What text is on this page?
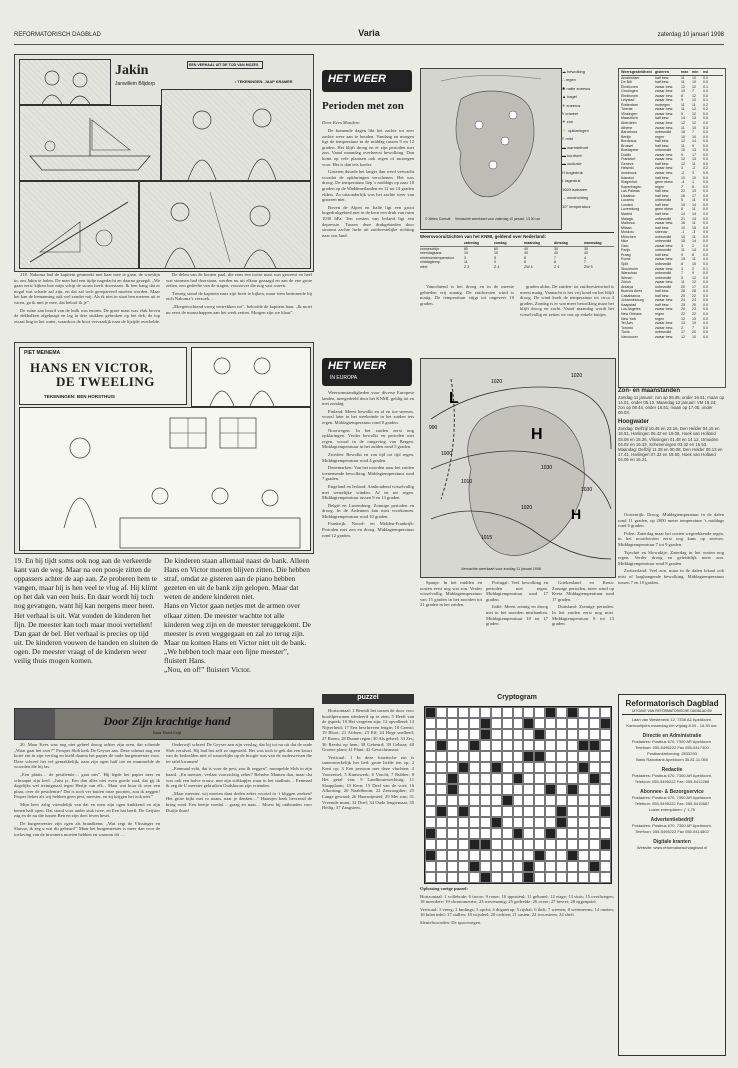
REFORMATORISCH DAGBLAD	Varia	zaterdag 10 januari 1998
Jakin	EEN VERHAAL UIT DE TIJD VAN MOZES
Janwillem Blijdorp	• TEKENINGEN: JAAP KRAMER

218. Nakoma had de kapitein gesmeekt met haar mee te gaan, de woestijn in, om Jakin te halen. De man had een tijdje nagedacht en daarna gezegd: „We gaan eerst kijken hoe mijn schip de storm heeft doorstaan. Ik ben bang dat er nogal wat schade zal zijn, en dat zal toch gerepareerd moeten worden. Maar het kan de bemanning ook wel zonder mij. Als ik niet in staat ben meteen uit te varen, ga ik met je mee, dat beloof ik je”.

De ruïne aan boord van de hulk was enorm. De grote mast was vlak boven de dekbalken afgeknapt en lag in drie stukken gebroken op het dek, de top zwaai ling in het water, waardoor de boot vervaarlijk naar de lijzijde overhelde.

De delen van de houten paal, die eens een trotse mast was geweest en heel wat stormen had doorstaan, werden nu uit elkaar gezaagd en aan de ene grote zeilen, een gedeelte van de stagen, voorzover die nog vast waren.

Treurig stond de kapitein naar zijn breit te kijken, maar toen herinnerde hij zich Nakoma’s verzoek. ..

„Morgenochtend vroeg vertrekken we”, beloofde de kapitein haar. „Ik moet nu eerst de manschappen aan het werk zetten. Morgen zijn we klaar”.

PIET MEINEMA
HANS EN VICTOR,
DE TWEELING
TEKENINGEN: BEN HORSTHUIS

19. En hij tijdt soms ook nog aan de verkeerde kant van de weg. Maar na een poosje zitten de oppassers achter de aap aan. Ze proberen hem te vangen, maar hij is hen veel te vlug af. Hij klimt op het dak van een huis. En daar wordt hij toch nog gevangen, want hij kan nergens meer heen.

Het verhaal is uit. Wat vonden de kinderen het fijn. De meester kan toch maar mooi vertellen!

Dan gaat de bel. Het verhaal is precies op tijd uit. De kinderen vouwen de handen en sluiten de ogen. De meester vraagt of de kinderen weer veilig thuis mogen komen.

De kinderen staan allemaal naast de bank. Alleen Hans en Victor moeten blijven zitten. Die hebben straf, omdat ze gisteren aan de piano hebben gezeten en uit de bank zijn gelopen. Maar dat weten de andere kinderen niet.

Hans en Victor gaan netjes met de armen over elkaar zitten. De meester wachtte tot alle kinderen weg zijn en de meester teruggekomt. De meester is even weggegaan en zal zo terug zijn. Maar nu komen Hans en Victor niet uit de bank. „We hebben toch maar een fijne meester”, fluistert Hans.

„Nou, en of!” fluistert Victor.

Door Zijn krachtige hand
Door Evert Kuijt

20. Maar Kees was nog niet geheel droog achter zijn oren, dat schreide „Waar gaat het over?” Prosper Slob kerk De Geyser aan. Deze scheurt nog een korte zin in zijn verslag en hield daarna het papier de oude burgemeester voor. Deze schreef het vel gemakkelijk, nam zijn ogen half toe en mummelde de woorden die hij las.

„Een plaats… de pestilentie… gaat mis”. Hij legde het papier neer en schraapte zijn keel. „Juist je, Een dan alles niet even goede stad, dat gij ik dagelijks wel treinigmaal tegen Hertje van elk... Maar wat hoor ik over een plaat, over de pestilentie? Dat is toch ver buiten onze poorten, zou ik zeggen! Proper liekes als wij hebben geen pest, meester, en zij krijgen het ook niet.”

Mijn heer zalig vriendelijk van dat en men zijn ogen knikkend en zijn benen half open. Dat stond voor ander stuk twee, en Een hat heeft. De Geijster zag en de nu die tussen Ben en zijn doet leven beset.

De burgemeester zijn ogen als brandkenn. „Wat zegt de Vlissinger en Sluisse, ik zeg u wat dit gebeurt!” Maar het burgemeester is meer dan voor de toeloving van de inwoners moeten hebben en waarom dit …

Onderwijl schreef De Geyser aan zijn verslag, dat hij tot nu uit dat de oude Sloh verafval. Hij had het zelf zo ingesteld. Het was toch te gek dat een kwart van de bedoelden niet of nauwelijks op de hoogte was van de ouderwetsen die ter tafel kwamen!

„Eenmaal echt, dat is voor de pest, zou ik zeggen”, mompelde Sloh in zijn baard. „En meester, verlaat voorzichtig zeker? Behalve Manten dan, maar dat was ook een halve vrouw, met zijn stiftkapjes waar in het stadhuis… Eenmaal ik zeg de U meester gebruiken Oudshoorn zijn vrienden.

„Maar meester, wij moeten dant doden zeker voortal in ‘t kliggen zoeken? Het grote kijkt met ro naam, naar je denken…” Haantjes keek bevreesd de kring rond. Een beetje voedal… graag en naas… Moest hij onthouden voor Duifje thuis!

HET WEER
Perioden met zon
Door Kees Mondero

De komende dagen likt het zachte tot zeer zachte weer aan te houden. Vandaag en morgen ligt de temperatuur in de middag tussen 9 en 12 graden. Het blijft droog en er zijn perioden met zon. Vanaf maandag overheerst bewolking. Dan komt op vele plaatsen ook regen of motregen voor. Het is dan iets koeler.

Gisteren duurde het langer dan werd verwacht voordat de opklaringen verschenen. Het was droog. De temperatuur liep 's middags op naar 10 graden op de Waddeneilanden en 12 tot 14 graden elders. Zo uitzonderlijk was het zachte weer van gisteren niet.

Boven de Alpen en Italië ligt een groot hogedrukgebied met in de kern een druk van ruim 1030 hPa. Ten westen van Ierland ligt een depressie. Tussen deze drukgebieden door stroomt zachte lucht uit zuidwestelijke richting naar ons land.

© Meteo Consult Verwachte weerkaart voor zaterdag 10 januari, 13.00 uur
☁ bewolking
∴ regen
✱ natte sneeuw
▲ hagel
✳ sneeuw
ϟ onweer
☀ zon
⛅ opklaringen
≡ mist
▬ warmtefront
▬ koufront
▬ occlusie
H hogedruk
L lagedruk
1020 isobaren
→ windrichting
10° temperatuur
Weersvooruitzichten van het KNMI, geldend over Nederland:
zaterdag	zondag	maandag	dinsdag	woensdag
zonneschijn	80	60	40	30	30
neerslagkans	10	10	40	40	40
minimumtemperatuur	3	5	6	7	4
middagtemp.	11	9	8	8	7
wind	Z 3	Z 4	ZW 4	Z 4	ZW 5

Vanochtend is het droog en in de meeste gebieden vrij zonnig. De zuidwesten wind is matig. De temperatuur stijgt tot ongeveer 10 graden.

gruden aldus. De zuiden- tot zuidwestenwind is meest matig. Vannacht is het vrij koud en het blijft droog. De wind koelt de temperatuur tot circa 4 graden. Zondag is er wat meer bewolking maar het blijft droog en zacht. Vanaf maandag wordt het wisselvallig en zetten we ons op enkele buitjes.

Weersgesteldheid gisteren	max	min	nsl
Amsterdam	half bew.	11	10	0.0
De Bilt	half bew.	11	10	0.0
Eindhoven	zwaar bew.	12	12	0.1
Groningen	zwaar bew.	10	7	0.0
Eindhoven	zwaar bew.	8	12	0.0
Lelystad	zwaar bew.	9	10	0.1
Rotterdam	motregen	11	11	0.2
Twente	zwaar bew.	11	12	0.2
Vlissingen	zwaar bew.	9	12	0.0
Maastricht	half bew.	14	13	0.0
Aberdeen	zwaar bew.	12	12	0.0
Athene	zwaar bew.	11	10	0.3
Barcelona	onbewolkt	16	7	0.0
Berlijn	regen	10	10	0.0
Bordeaux	half bew.	12	14	0.0
Brussel	half bew.	11	9	0.0
Boedapest	onbewolkt	10	13	0.0
Dublin	zwaar bew.	9	17	0.0
Frankfurt	zwaar bew.	12	13	0.0
Genève	half bew.	12	11	0.0
Helsinki	zwaar bew.	3	-2	0.2
Innsbruck	zwaar bew.	-2	3	0.0
Istanbul	half bew.	10	10	0.0
Klagenfurt	geen nbew.	-4	1	0.0
Kopenhagen	regen	7	6	0.0
Las Palmas	half bew.	22	13	0.0
Lissabon	half bew.	16	17	0.0
Locarno	onbewolkt	5	11	0.0
Londen	half bew.	10	14	0.0
Luxemburg	geen nbew.	8	11	0.0
Madrid	half bew.	14	14	0.0
Malaga	onbewolkt	21	14	0.0
Mallorca	zwaar bew.	16	11	0.0
Milaan	half bew.	10	15	0.0
Moskou	sneeuw	-1	-3	0.0
München	onbewolkt	10	11	0.0
Nice	onbewolkt	15	14	0.0
Oslo	zwaar bew.	3	2	0.0
Parijs	onbewolkt	11	14	0.0
Praag	half bew.	9	8	0.0
Rome	zwaar bew.	15	11	0.0
Split	onbewolkt	8	15	0.0
Stockholm	zwaar bew.	3	2	0.1
Warschau	onbewolkt	7	9	0.0
Wenen	onbewolkt	5	12	0.0
Zürich	zwaar bew.	11	12	0.0
Antalya	onbewolkt	20	17	0.0
Buenos Aires	half bew.	28	28	0.0
Casablanca	half bew.	20	22	0.0
Johannesburg	zwaar bew.	24	24	0.0
Kaapstad	half bew.	25	20	0.0
Los Angeles	zwaar bew.	20	23	0.0
New Orleans	regen	22	22	0.0
New York	regen	12	10	0.0
Tel Aviv	zwaar bew.	13	19	0.0
Toronto	zwaar bew.	2	7	0.0
Tunis	onbewolkt	17	20	0.0
Vancouver	zwaar bew.	12	10	0.0
Zon- en maanstanden
Zondag 11 januari: zon op 08.45, onder 16.51; maan op 14.01, onder 05.13. Maandag 12 januari: VM 18.24; zon op 08.44, onder 16.51; maan op 17.05, onder 06.03.
Hoogwater
Zondag: Delfzijl 10.46 en 23.16, Den Helder 04.15 en 16.51, Harlingen 06.42 en 19.06, Hoek van Holland 03.08 en 15.26, Vlissingen 01.48 en 14.12, IJmuiden 04.02 en 16.33, Scheveningen 03.32 en 15.53. Maandag: Delfzijl 11.38 en 00.08, Den Helder 05.13 en 17.41, Harlingen 07.32 en 19.50, Hoek van Holland 04.05 en 16.21.
HET WEER
IN EUROPA

Weersomstandigheden voor diverse Europese landen, meegedeeld door het KNMI, geldig tot en met zondag:

Finland: Meest bewolkt en af en toe sneeuw, vooral later in het weekeinde in het zuiden iets regen. Middagtemperatuur rond 0 graden.

Noorwegen: In het zuiden eerst nog opklaringen. Verder bewolkt en perioden met regen, vooral in de omgeving van Bergen. Middagtemperatuur in het zuiden rond 5 graden.

Zweden: Bewolkt en van tijd tot tijd regen. Middagtemperatuur rond 4 graden.

Denemarken: Van het noorden naar het zuiden toenemende bewolking. Middagtemperatuur rond 7 graden.

Engeland en Ierland: Aanhoudend wisselvallig met westelijke winden. Af en toe regen. Middagtemperatuur tussen 9 en 13 graden.

België en Luxemburg: Zonnige perioden en droog. In de Ardennen kan mist voorkomen. Middagtemperatuur rond 10 graden.

Frankrijk: Noord- en Midden-Frankrijk: Perioden met zon en droog. Middagtemperatuur rond 12 graden.

L
H
H
1020
1020
1030
1000
1010
1015
990
1030
1020
Verwachte weerkaart voor zondag 11 januari 1998

Spanje: In het midden en oosten eerst nog wat zon. Verder wisselvallig. Middagtemperatuur van 15 graden in het noorden tot 21 graden in het zuiden.

Portugal: Veel bewolking en perioden met regen. Middagtemperatuur rond 17 graden.

Italië: Meest zonnig en droog met in het noorden mistbanken. Middagtemperatuur 10 tot 17 graden.

Griekenland en Kreta: Zonnige perioden, meer wind op Kreta. Middagtemperatuur rond 17 graden.

Duitsland: Zonnige perioden. In het zuiden eerst nog mist. Middagtemperatuur 8 tot 13 graden.

Oostenrijk: Droog. Middagtemperatuur in de dalen rond 11 graden, op 2000 meter temperatuur 's middags rond 6 graden.

Polen: Zaterdag maar het oosten wegtrekkende regen, in het noordoosten eerst nog kans op sneeuw. Middagtemperatuur 7 tot 9 graden.

Tsjechië en Slowakije: Zaterdag in het oosten nog regen. Verder droog en geleidelijk meer zon. Middagtemperatuur rond 8 graden.

Zwitserland: Veel zon, maar in de dalen lokaal ook mist of laaghangende bewolking. Middagtemperatuur tussen 7 en 10 graden.

puzzel

Horizontaal: 1 Bereidt het tussen de doos voor hoofdpersonen ideoleerd op te zien; 5 Heeft van de ijspiek; 10 Het vergeten zijn; 12 opvallend; 14 Nijverheid; 17 Een beschreven lengte; 18 Grenst; 19 Bloot; 21 Afdoen; 23 Elf; 24 Hoge snelheid; 27 Roem; 28 Dunne regen; 30 Als geheel; 33 Zes; 36 Reedst op hem; 38 Gebeurd; 39 Gebaar; 40 Groene plant; 41 Plant; 42 Gewichtsmaat.

Verticaal: 1 In deze fonetische zin is samenwerkelijk het lied: grote liefde ten op; 2 Kent op; 3 Een persoon met deze vluchten; 4 Voorzetsel; 5 Kunstwerk; 6 Vrucht; 7 Rubber; 8 Het getal van; 9 Landbouwwerktuig; 11 Slaapplaats; 13 Kern; 15 Deel van de voet; 16 Afkorting; 20 Naaldboom; 22 Zeezoogdier; 25 Lange gewaad; 26 Haarsnijmeel; 29 Met rust; 31 Vreemde munt; 32 Doel; 34 Oude lengtemaat; 35 Heilig; 37 Zangstem.

Cryptogram

Oplossing vorige puzzel:

Horizontaal: 1 vollebode; 6 troow; 9 roner; 10 ippostenl; 11 geltonel; 12 etage; 13 stuis; 15 overlwegen; 18 meerdere; 19 chronometrist; 23 wevemenig; 25 gedeelde; 26 ocere; 27 bevrei; 28 eggenpriel.

Verticaal: 1 vreeg; 2 bmlings; 3 opcht; 4 dogaterap; 5 rijsbal; 6 ibrlt; 7 wrenen; 8 wertmerrns; 14 onzien; 16 lulreriedel; 17 stallen; 18 wijsdeel; 20 cerhien; 21 sasien; 22 ivoorsteen; 24 sheft.

Sleutelwoorden: De spoorwegen.

Reformatorisch Dagblad
UITGAVE VAN REFORMATORISCHE DAGBLAD BV
Laan van Westenenk 12, 7336 AZ Apeldoorn.
Kantoortijden maandag t/m vrijdag 8.00 - 16.30 uur.
Directie en Administratie
Postadres: Postbus 670, 7300 AR Apeldoorn.
Telefoon: 055-5495222 Fax 055-5417400
Postbankrekening: 2833293
Bank Rabobank Apeldoorn 35.81.11.055
Redactie
Postadres: Postbus 670, 7300 AR Apeldoorn.
Telefoon: 055-5495222 Fax: 055-5412288
Abonnee- & Bezorgservice
Postadres: Postbus 670, 7300 AR Apeldoorn.
Telefoon: 055-5495222 Fax: 055-5415687
Losse exemplaren: ƒ 1,75
Advertentiebedrijf
Postadres: Postbus 670, 7300 AP Apeldoorn.
Telefoon: 055-5495222 Fax 055-5414802
Digitale kranten
Website: www.reformatorischdagblad.nl
